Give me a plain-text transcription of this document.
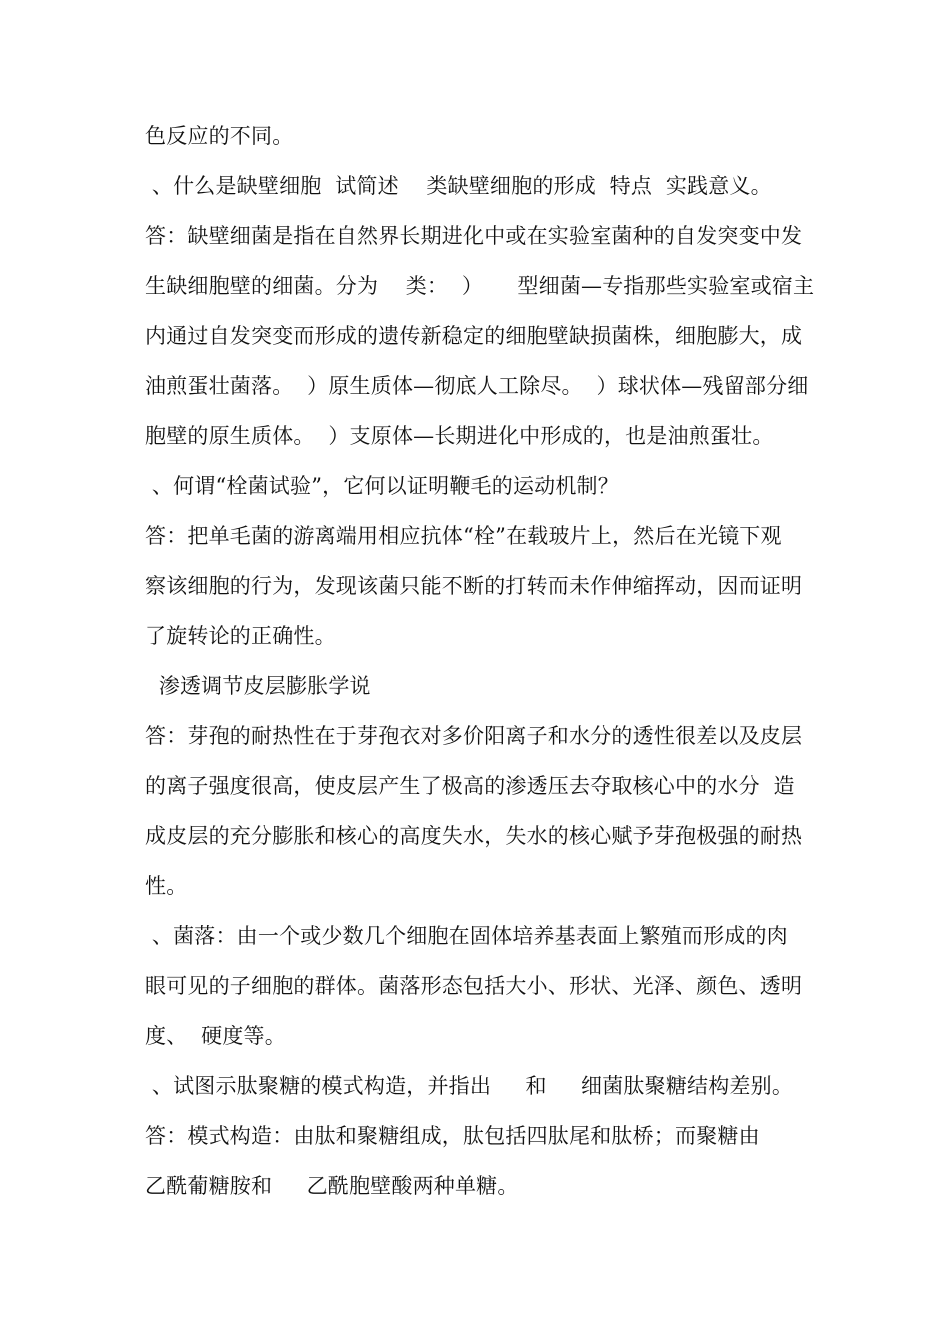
色反应的不同。
、什么是缺壁细胞  试简述    类缺壁细胞的形成  特点  实践意义。
答：缺壁细菌是指在自然界长期进化中或在实验室菌种的自发突变中发
生缺细胞壁的细菌。分为    类：  ）     型细菌—专指那些实验室或宿主
内通过自发突变而形成的遗传新稳定的细胞壁缺损菌株，细胞膨大，成
油煎蛋壮菌落。  ）原生质体—彻底人工除尽。  ）球状体—残留部分细
胞壁的原生质体。  ）支原体—长期进化中形成的，也是油煎蛋壮。
、何谓“栓菌试验”，它何以证明鞭毛的运动机制？
答：把单毛菌的游离端用相应抗体“栓”在载玻片上，然后在光镜下观
察该细胞的行为，发现该菌只能不断的打转而未作伸缩挥动，因而证明
了旋转论的正确性。
渗透调节皮层膨胀学说
答：芽孢的耐热性在于芽孢衣对多价阳离子和水分的透性很差以及皮层
的离子强度很高，使皮层产生了极高的渗透压去夺取核心中的水分  造
成皮层的充分膨胀和核心的高度失水，失水的核心赋予芽孢极强的耐热
性。
、菌落：由一个或少数几个细胞在固体培养基表面上繁殖而形成的肉
眼可见的子细胞的群体。菌落形态包括大小、形状、光泽、颜色、透明
度、  硬度等。
、试图示肽聚糖的模式构造，并指出     和     细菌肽聚糖结构差别。
答：模式构造：由肽和聚糖组成，肽包括四肽尾和肽桥；而聚糖由
乙酰葡糖胺和     乙酰胞壁酸两种单糖。
